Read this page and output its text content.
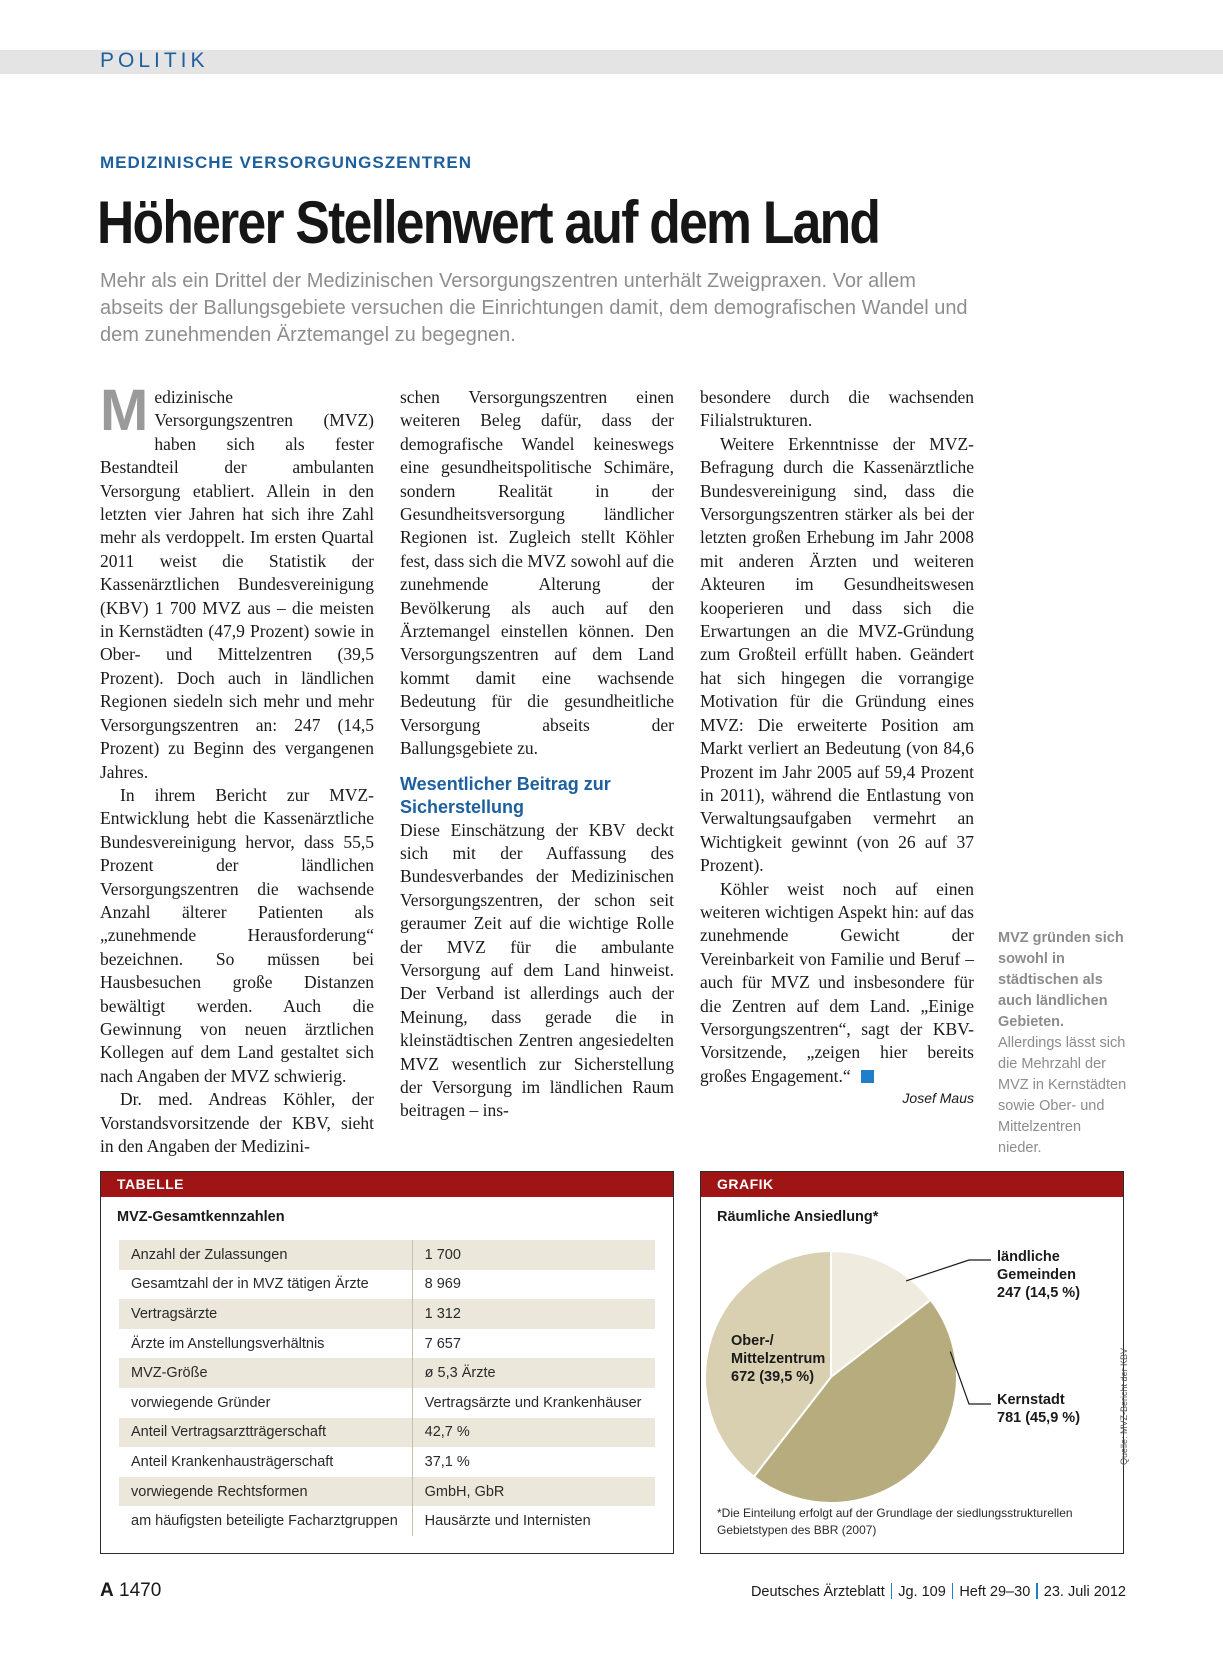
POLITIK
MEDIZINISCHE VERSORGUNGSZENTREN
Höherer Stellenwert auf dem Land

Mehr als ein Drittel der Medizinischen Versorgungszentren unterhält Zweigpraxen. Vor allem abseits der Ballungsgebiete versuchen die Einrichtungen damit, dem demografischen Wandel und dem zunehmenden Ärztemangel zu begegnen.

Medizinische Versorgungszentren (MVZ) haben sich als fester Bestandteil der ambulanten Versorgung etabliert. Allein in den letzten vier Jahren hat sich ihre Zahl mehr als verdoppelt. Im ersten Quartal 2011 weist die Statistik der Kassenärztlichen Bundesvereinigung (KBV) 1 700 MVZ aus – die meisten in Kernstädten (47,9 Prozent) sowie in Ober- und Mittelzentren (39,5 Prozent). Doch auch in ländlichen Regionen siedeln sich mehr und mehr Versorgungszentren an: 247 (14,5 Prozent) zu Beginn des vergangenen Jahres.

In ihrem Bericht zur MVZ-Entwicklung hebt die Kassenärztliche Bundesvereinigung hervor, dass 55,5 Prozent der ländlichen Versorgungszentren die wachsende Anzahl älterer Patienten als „zunehmende Herausforderung“ bezeichnen. So müssen bei Hausbesuchen große Distanzen bewältigt werden. Auch die Gewinnung von neuen ärztlichen Kollegen auf dem Land gestaltet sich nach Angaben der MVZ schwierig.

Dr. med. Andreas Köhler, der Vorstandsvorsitzende der KBV, sieht in den Angaben der Medizini-

schen Versorgungszentren einen weiteren Beleg dafür, dass der demografische Wandel keineswegs eine gesundheitspolitische Schimäre, sondern Realität in der Gesundheitsversorgung ländlicher Regionen ist. Zugleich stellt Köhler fest, dass sich die MVZ sowohl auf die zunehmende Alterung der Bevölkerung als auch auf den Ärztemangel einstellen können. Den Versorgungszentren auf dem Land kommt damit eine wachsende Bedeutung für die gesundheitliche Versorgung abseits der Ballungsgebiete zu.

Wesentlicher Beitrag zur Sicherstellung

Diese Einschätzung der KBV deckt sich mit der Auffassung des Bundesverbandes der Medizinischen Versorgungszentren, der schon seit geraumer Zeit auf die wichtige Rolle der MVZ für die ambulante Versorgung auf dem Land hinweist. Der Verband ist allerdings auch der Meinung, dass gerade die in kleinstädtischen Zentren angesiedelten MVZ wesentlich zur Sicherstellung der Versorgung im ländlichen Raum beitragen – ins-

besondere durch die wachsenden Filialstrukturen.

Weitere Erkenntnisse der MVZ-Befragung durch die Kassenärztliche Bundesvereinigung sind, dass die Versorgungszentren stärker als bei der letzten großen Erhebung im Jahr 2008 mit anderen Ärzten und weiteren Akteuren im Gesundheitswesen kooperieren und dass sich die Erwartungen an die MVZ-Gründung zum Großteil erfüllt haben. Geändert hat sich hingegen die vorrangige Motivation für die Gründung eines MVZ: Die erweiterte Position am Markt verliert an Bedeutung (von 84,6 Prozent im Jahr 2005 auf 59,4 Prozent in 2011), während die Entlastung von Verwaltungsaufgaben vermehrt an Wichtigkeit gewinnt (von 26 auf 37 Prozent).

Köhler weist noch auf einen weiteren wichtigen Aspekt hin: auf das zunehmende Gewicht der Vereinbarkeit von Familie und Beruf – auch für MVZ und insbesondere für die Zentren auf dem Land. „Einige Versorgungszentren“, sagt der KBV-Vorsitzende, „zeigen hier bereits großes Engagement.“

Josef Maus

MVZ gründen sich sowohl in städtischen als auch ländlichen Gebieten. Allerdings lässt sich die Mehrzahl der MVZ in Kernstädten sowie Ober- und Mittelzentren nieder.
TABELLE
MVZ-Gesamtkennzahlen
Anzahl der Zulassungen	1 700
Gesamtzahl der in MVZ tätigen Ärzte	8 969
Vertragsärzte	1 312
Ärzte im Anstellungsverhältnis	7 657
MVZ-Größe	ø 5,3 Ärzte
vorwiegende Gründer	Vertragsärzte und Krankenhäuser
Anteil Vertragsarztträgerschaft	42,7 %
Anteil Krankenhausträgerschaft	37,1 %
vorwiegende Rechtsformen	GmbH, GbR
am häufigsten beteiligte Facharztgruppen	Hausärzte und Internisten
GRAFIK
Räumliche Ansiedlung*
ländliche
Gemeinden
247 (14,5 %)
Kernstadt
781 (45,9 %)
Ober-/
Mittelzentrum
672 (39,5 %)
*Die Einteilung erfolgt auf der Grundlage der siedlungsstrukturellen Gebietstypen des BBR (2007)
Quelle: MVZ-Bericht der KBV
A 1470	Deutsches Ärzteblatt Jg. 109 Heft 29–30 23. Juli 2012
